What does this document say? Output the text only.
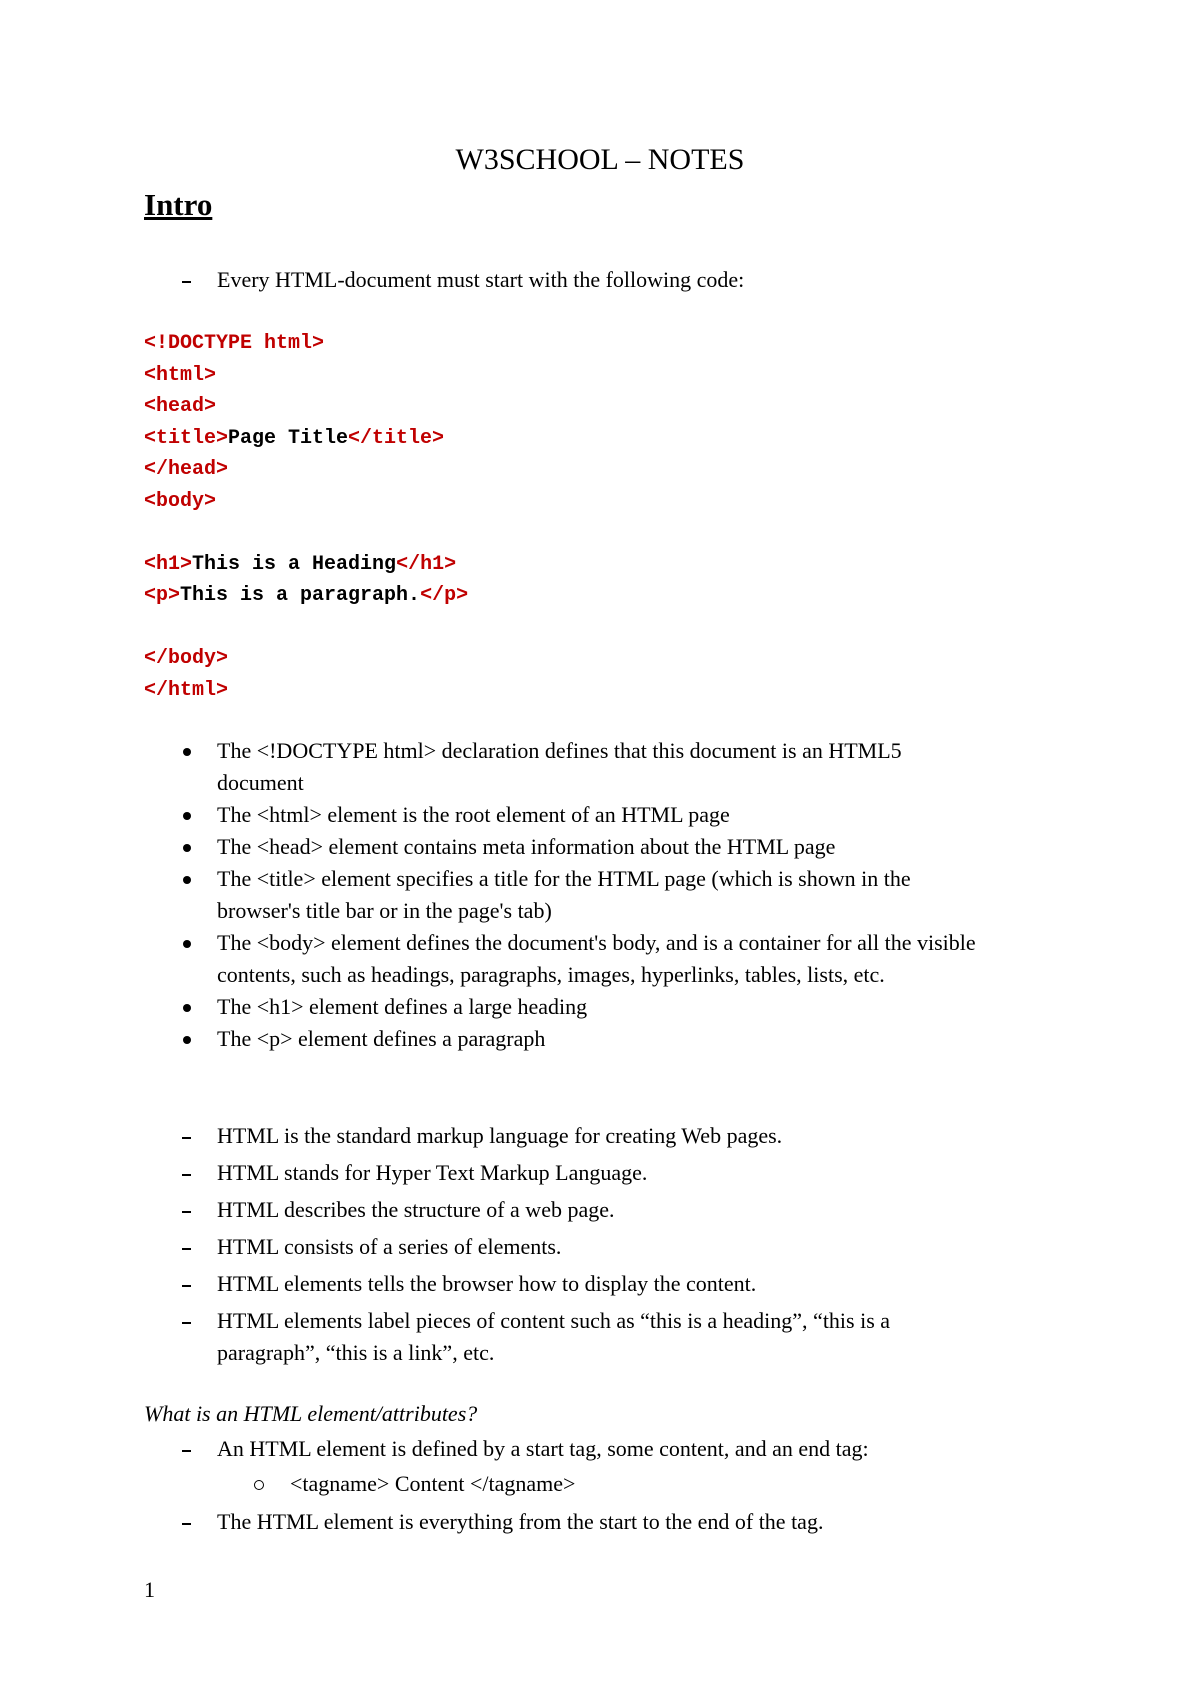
W3SCHOOL – NOTES
Intro
Every HTML-document must start with the following code:
<!DOCTYPE html>
<html>
<head>
<title>Page Title</title>
</head>
<body>
<h1>This is a Heading</h1>
<p>This is a paragraph.</p>
</body>
</html>
The <!DOCTYPE html> declaration defines that this document is an HTML5
document
The <html> element is the root element of an HTML page
The <head> element contains meta information about the HTML page
The <title> element specifies a title for the HTML page (which is shown in the
browser's title bar or in the page's tab)
The <body> element defines the document's body, and is a container for all the visible
contents, such as headings, paragraphs, images, hyperlinks, tables, lists, etc.
The <h1> element defines a large heading
The <p> element defines a paragraph
HTML is the standard markup language for creating Web pages.
HTML stands for Hyper Text Markup Language.
HTML describes the structure of a web page.
HTML consists of a series of elements.
HTML elements tells the browser how to display the content.
HTML elements label pieces of content such as “this is a heading”, “this is a
paragraph”, “this is a link”, etc.
What is an HTML element/attributes?
An HTML element is defined by a start tag, some content, and an end tag:
<tagname> Content </tagname>
The HTML element is everything from the start to the end of the tag.
1
